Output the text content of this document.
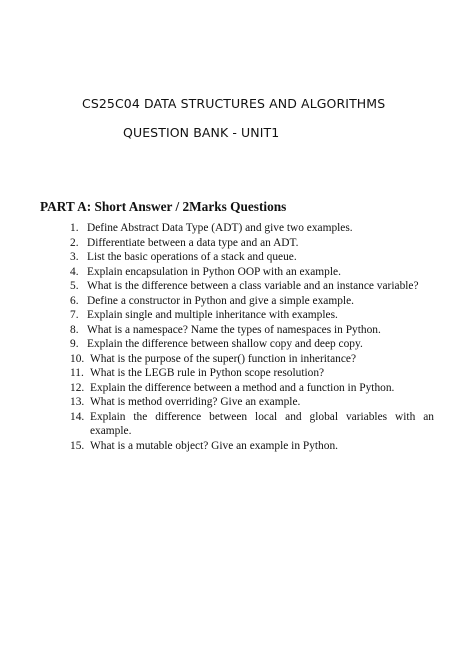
CS25C04 DATA STRUCTURES AND ALGORITHMS
QUESTION BANK - UNIT1
PART A: Short Answer / 2Marks Questions
1. Define Abstract Data Type (ADT) and give two examples.
2. Differentiate between a data type and an ADT.
3. List the basic operations of a stack and queue.
4. Explain encapsulation in Python OOP with an example.
5. What is the difference between a class variable and an instance variable?
6. Define a constructor in Python and give a simple example.
7. Explain single and multiple inheritance with examples.
8. What is a namespace? Name the types of namespaces in Python.
9. Explain the difference between shallow copy and deep copy.
10. What is the purpose of the super() function in inheritance?
11. What is the LEGB rule in Python scope resolution?
12. Explain the difference between a method and a function in Python.
13. What is method overriding? Give an example.
14. Explain the difference between local and global variables with an
example.
15. What is a mutable object? Give an example in Python.
